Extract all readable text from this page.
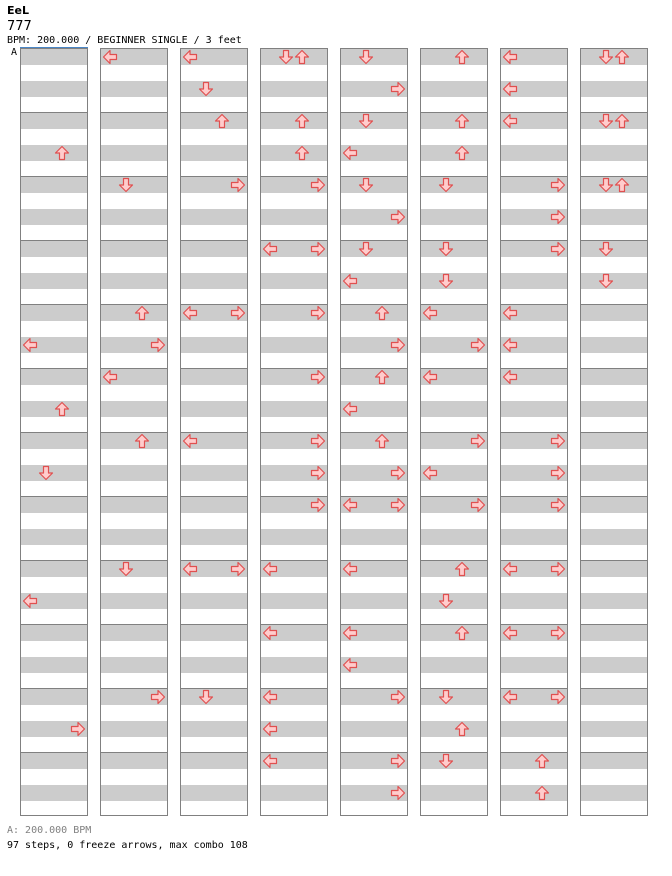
EeL
777
BPM: 200.000 / BEGINNER SINGLE / 3 feet
A
A: 200.000 BPM
97 steps, 0 freeze arrows, max combo 108
